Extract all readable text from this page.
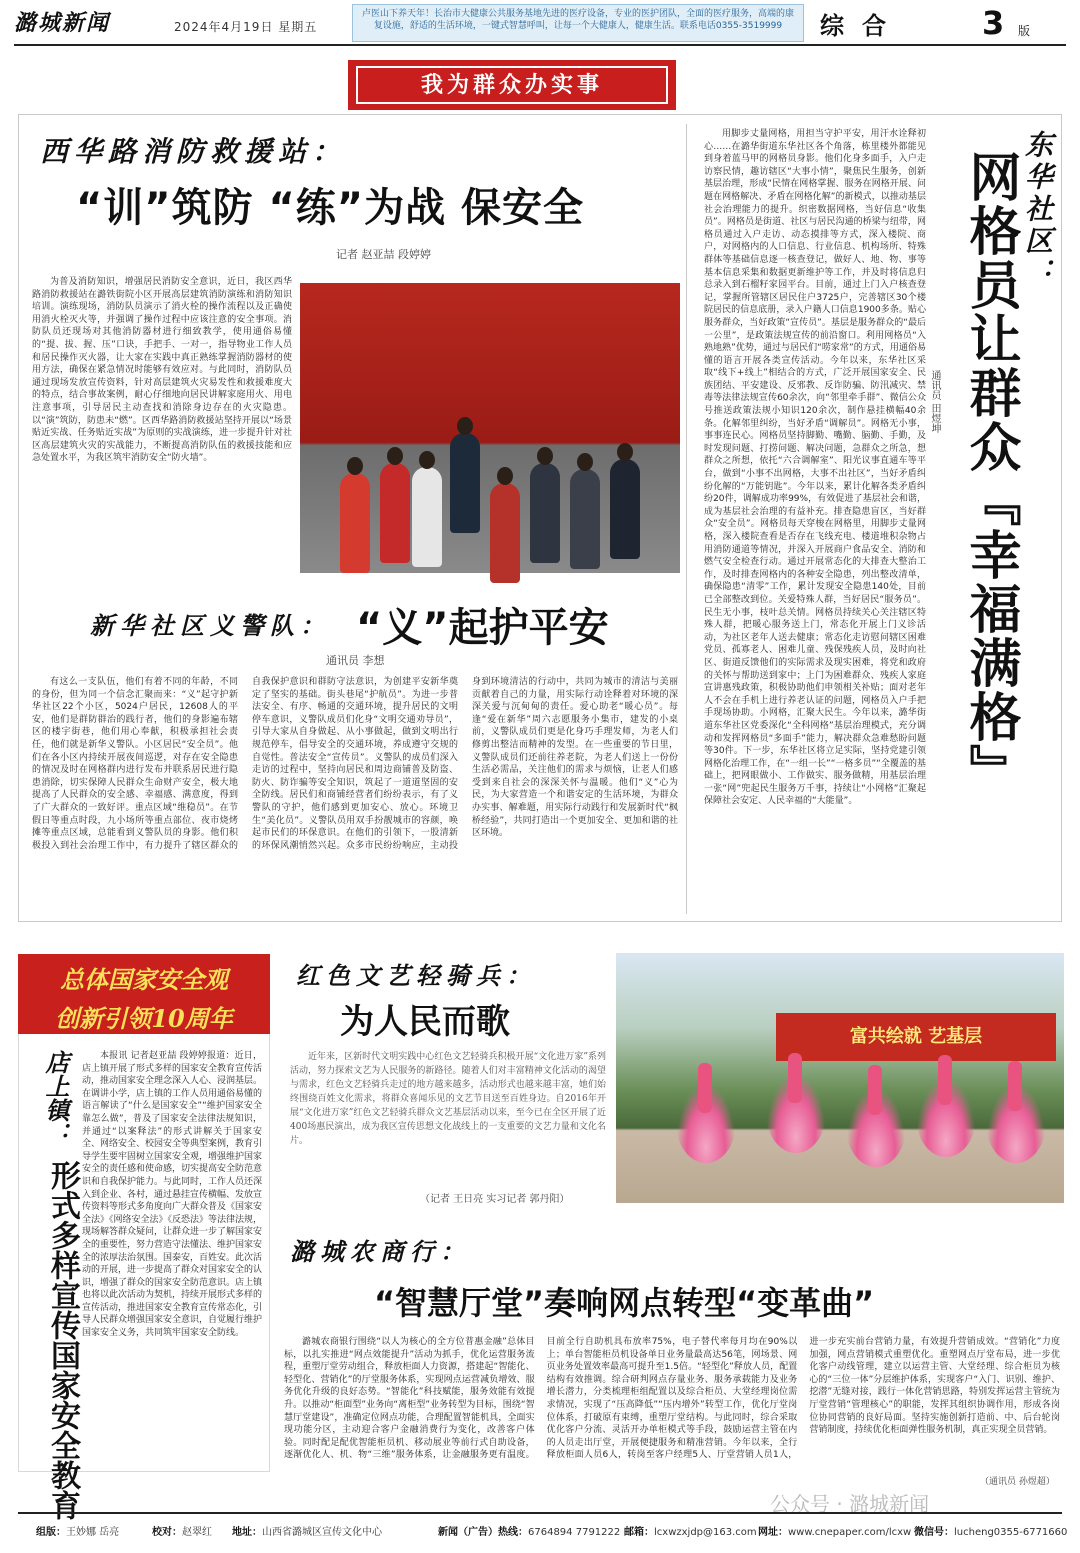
潞城新闻	2024年4月19日 星期五
卢医山下养天年！长治市大健康公共服务基地先进的医疗设备，专业的医护团队，全面的医疗服务，高端的康复设施，舒适的生活环境，一键式智慧呼叫，让每一个大健康人，健康生活。联系电话0355-3519999	综合 3 版
我为群众办实事
西华路消防救援站：
“训”筑防 “练”为战 保安全
记者 赵亚喆 段婷婷
为普及消防知识，增强居民消防安全意识，近日，我区西华路消防救援站在潞铁街院小区开展高层建筑消防演练和消防知识培训。演练现场，消防队员演示了消火栓的操作流程以及正确使用消火栓灭火等，并强调了操作过程中应该注意的安全事项。消防队员还现场对其他消防器材进行细致教学，使用通俗易懂的“提、拔、握、压”口诀，手把手、一对一，指导物业工作人员和居民操作灭火器，让大家在实践中真正熟练掌握消防器材的使用方法，确保在紧急情况时能够有效应对。与此同时，消防队员通过现场发放宣传资料，针对高层建筑火灾易发性和救援难度大的特点，结合事故案例，耐心仔细地向居民讲解家庭用火、用电注意事项，引导居民主动查找和消除身边存在的火灾隐患。以“演”筑防，防患未“燃”。区西华路消防救援站坚持开展以“场景贴近实战、任务贴近实战”为原则的实战演练，进一步提升针对社区高层建筑火灾的实战能力，不断提高消防队伍的救援技能和应急处置水平，为我区筑牢消防安全“防火墙”。
新华社区义警队： “义”起护平安
通讯员 李想
有这么一支队伍，他们有着不同的年龄，不同的身份，但为同一个信念汇聚而来：“义”起守护新华社区22个小区，5024户居民，12608人的平安，他们是群防群治的践行者，他们的身影遍布辖区的楼宇街巷，他们用心奉献，积极承担社会责任，他们就是新华义警队。小区居民“安全员”。他们在各小区内持续开展夜间巡逻，对存在安全隐患的情况及时在网格群内进行发布并联系居民进行隐患消除，切实保障人民群众生命财产安全，极大地提高了人民群众的安全感、幸福感、满意度，得到了广大群众的一致好评。重点区域“维稳员”。在节假日等重点时段，九小场所等重点部位、夜市烧烤摊等重点区域，总能看到义警队员的身影。他们积极投入到社会治理工作中，有力提升了辖区群众的自我保护意识和群防守法意识，为创建平安新华奠定了坚实的基础。街头巷尾“护航员”。为进一步普法安全、有序、畅通的交通环境，提升居民的文明停车意识，义警队成员们化身“文明交通劝导员”，引导大家从自身做起、从小事做起，做到文明出行规范停车，倡导安全的交通环境，养成遵守交规的自觉性。普法安全“宣传员”。义警队的成员们深入走访的过程中，坚持向居民和周边商铺普及防盗、防火、防诈骗等安全知识，筑起了一道道坚固的安全防线。居民们和商铺经营者们纷纷表示，有了义警队的守护，他们感到更加安心、放心。环境卫生“美化员”。义警队员用双手扮靓城市的容颜，唤起市民们的环保意识。在他们的引领下，一股清新的环保风潮悄然兴起。众多市民纷纷响应，主动投身到环境清洁的行动中，共同为城市的清洁与美丽贡献着自己的力量，用实际行动诠释着对环境的深深关爱与沉甸甸的责任。爱心助老“暖心员”。每逢“爱在新华”周六志愿服务小集市，建发的小桌前，义警队成员们更是化身巧手理发师，为老人们修剪出整洁而精神的发型。在一些重要的节日里，义警队成员们还前往养老院，为老人们送上一份份生活必需品，关注他们的需求与烦恼，让老人们感受到来自社会的深深关怀与温暖。他们“义”心为民，为大家营造一个和谐安定的生活环境，为群众办实事、解难题，用实际行动践行和发展新时代“枫桥经验”，共同打造出一个更加安全、更加和谐的社区环境。
东华社区：
网格员让群众『幸福满格』
通讯员 田煜坤
用脚步丈量网格，用担当守护平安，用汗水诠释初心……在潞华街道东华社区各个角落，栋里楼外都能见到身着蓝马甲的网格员身影。他们化身多面手，入户走访察民情，趣访辖区“大事小情”，聚焦民生服务，创新基层治理，形成“民情在网格掌握、服务在网格开展、问题在网格解决、矛盾在网格化解”的新模式，以推动基层社会治理能力的提升。织密数据网格，当好信息“收集员”。网格员是街道、社区与居民沟通的桥梁与纽带，网格员通过入户走访、动态摸排等方式，深入楼院、商户，对网格内的人口信息、行业信息、机构场所、特殊群体等基础信息逐一核查登记，做好人、地、物、事等基本信息采集和数据更新维护等工作，并及时将信息归总录入到石榴籽家园平台。目前，通过上门入户核查登记，掌握所管辖区居民住户3725户，完善辖区30个楼院居民的信息底册，录入户籍人口信息1900多条。贴心服务群众，当好政策“宣传员”。基层是服务群众的“最后一公里”，是政策法规宣传的前沿窗口。利用网格员“入熟地熟”优势，通过与居民们“唠家常”的方式，用通俗易懂的语言开展各类宣传活动。今年以来，东华社区采取“线下+线上”相结合的方式，广泛开展国家安全、民族团结、平安建设、反邪教、反诈防骗、防汛减灾、禁毒等法律法规宣传60余次，向“邻里牵手群”、微信公众号推送政策法规小知识120余次，制作悬挂横幅40余条。化解邻里纠纷，当好矛盾“调解员”。网格无小事，事事连民心。网格员坚持脚勤、嘴勤、脑勤、手勤，及时发现问题、打捞问题、解决问题，急群众之所急，想群众之所想，依托“六合调解室”、阳光议事直通车等平台，做到“小事不出网格，大事不出社区”，当好矛盾纠纷化解的“万能钥匙”。今年以来，累计化解各类矛盾纠纷20件，调解成功率99%，有效促进了基层社会和谐，成为基层社会治理的有益补充。排查隐患盲区，当好群众“安全员”。网格员每天穿梭在网格里，用脚步丈量网格，深入楼院查看是否存在飞线充电、楼道堆积杂物占用消防通道等情况，并深入开展商户食品安全、消防和燃气安全检查行动。通过开展常态化的大排查大整治工作，及时排查网格内的各种安全隐患，列出整改清单，确保隐患“清零”工作，累计发现安全隐患140处，目前已全部整改到位。关爱特殊人群，当好居民“服务员”。民生无小事，枝叶总关情。网格员持续关心关注辖区特殊人群，把暖心服务送上门，常态化开展上门义诊活动，为社区老年人送去健康；常态化走访慰问辖区困难党员、孤寡老人、困难儿童、残保残疾人员，及时向社区、街道反馈他们的实际需求及现实困难，将党和政府的关怀与帮助送到家中；上门为困难群众、残疾人家庭宣讲惠残政策，积极协助他们申领相关补贴；面对老年人不会在手机上进行养老认证的问题，网格员入户手把手现场协助。小网格，汇聚大民生。今年以来，潞华街道东华社区党委深化“全科网格”基层治理模式，充分调动和发挥网格员“多面手”能力，解决群众急难愁盼问题等30件。下一步，东华社区将立足实际，坚持党建引领网格化治理工作，在“一组一长”“一格多员”“全覆盖的基础上，把网眼做小、工作做实、服务做精，用基层治理一张“网”兜起民生服务万千事，持续让“小网格”汇聚起保障社会安定、人民幸福的“大能量”。
总体国家安全观
创新引领10周年
店上镇：
形式多样宣传国家安全教育
本报讯 记者赵亚喆 段婷婷报道：近日，店上镇开展了形式多样的国家安全教育宣传活动，推动国家安全理念深入人心、浸润基层。在调讲小学，店上镇的工作人员用通俗易懂的语言解读了“什么是国家安全”“维护国家安全靠怎么做”，普及了国家安全法律法规知识，并通过“以案释法”的形式讲解关于国家安全、网络安全、校园安全等典型案例，教育引导学生要牢固树立国家安全观，增强维护国家安全的责任感和使命感，切实提高安全防范意识和自我保护能力。与此同时，工作人员还深入到企业、各村，通过悬挂宣传横幅、发放宣传资料等形式多角度向广大群众普及《国家安全法》《网络安全法》《反恐法》等法律法规，现场解答群众疑问，让群众进一步了解国家安全的重要性，努力营造守法懂法、维护国家安全的浓厚法治氛围。国泰安，百姓安。此次活动的开展，进一步提高了群众对国家安全的认识，增强了群众的国家安全防范意识。店上镇也将以此次活动为契机，持续开展形式多样的宣传活动，推进国家安全教育宣传常态化，引导人民群众增强国家安全意识，自觉履行维护国家安全义务，共同筑牢国家安全防线。
红色文艺轻骑兵：
为人民而歌
近年来，区新时代文明实践中心红色文艺轻骑兵积极开展“文化进万家”系列活动，努力探索文艺为人民服务的新路径。随着人们对丰富精神文化活动的渴望与需求，红色文艺轻骑兵走过的地方越来越多，活动形式也越来越丰富，她们始终围绕百姓文化需求，将群众喜闻乐见的文艺节目送至百姓身边。自2016年开展“文化进万家”红色文艺轻骑兵群众文艺基层活动以来，至今已在全区开展了近400场惠民演出，成为我区宣传思想文化战线上的一支重要的文艺力量和文化名片。
（记者 王日亮 实习记者 郭丹阳）
富共绘就 艺基层
潞城农商行：
“智慧厅堂”奏响网点转型“变革曲”
潞城农商银行围绕“以人为核心的全方位普惠金融”总体目标，以扎实推进“网点效能提升”活动为抓手，优化运营服务流程，重塑厅堂劳动组合，释放柜面人力资源，搭建起“智能化、轻型化、营销化”的厅堂服务体系，实现网点运营减负增效、服务优化升级的良好态势。“智能化”科技赋能，服务效能有效提升。以推动“柜面型”业务向“离柜型”业务转型为目标，围绕“智慧厅堂建设”，准确定位网点功能，合理配置智能机具，全面实现功能分区，主动迎合客户金融消费行为变化，改善客户体验。同时配足配优智能柜员机、移动展业等前行式自助设备，逐渐优化人、机、物“三维”服务体系，让金融服务更有温度。目前全行自助机具布放率75%，电子替代率每月均在90%以上；单台智能柜员机设备单日业务量最高达56笔，网场景、网页业务处置效率最高可提升至1.5倍。“轻型化”释放人员，配置结构有效推调。综合研判网点存量业务、服务承载能力及业务增长潜力，分类梳理柜组配置以及综合柜员、大堂经理岗位需求情况，实现了“压高降低”“压内增外”转型工作，优化厅堂岗位体系，打破原有束缚，重塑厅堂结构。与此同时，综合采取优化客户分流、灵活开办单柜模式等手段，鼓励运营主管在内的人员走出厅堂，开展便捷服务和精准营销。今年以来，全行释放柜面人员6人，转岗至客户经理5人、厅堂营销人员1人，进一步充实前台营销力量，有效提升营销成效。“营销化”力度加强，网点营销模式重塑优化。重塑网点厅堂布局，进一步优化客户动线管理，建立以运营主管、大堂经理、综合柜员为核心的“三位一体”分层维护体系，实现客户“入门、识别、维护、挖潜”无缝对接，践行一体化营销思路，特别发挥运营主管统为厅堂营销“管理核心”的职能，发挥其组织协调作用，形成各岗位协同营销的良好局面。坚持实施创新打造前、中、后台轮岗营销制度，持续优化柜面弹性服务机制，真正实现全员营销。
（通讯员 孙煜超）
公众号 · 潞城新闻
组版：王妙娜 岳亮	校对：赵翠红 地址：山西省潞城区宣传文化中心	新闻（广告）热线：6764894 7791222 邮箱：lcxwzxjdp@163.com 网址：www.cnepaper.com/lcxw 微信号：lucheng0355-6771660
